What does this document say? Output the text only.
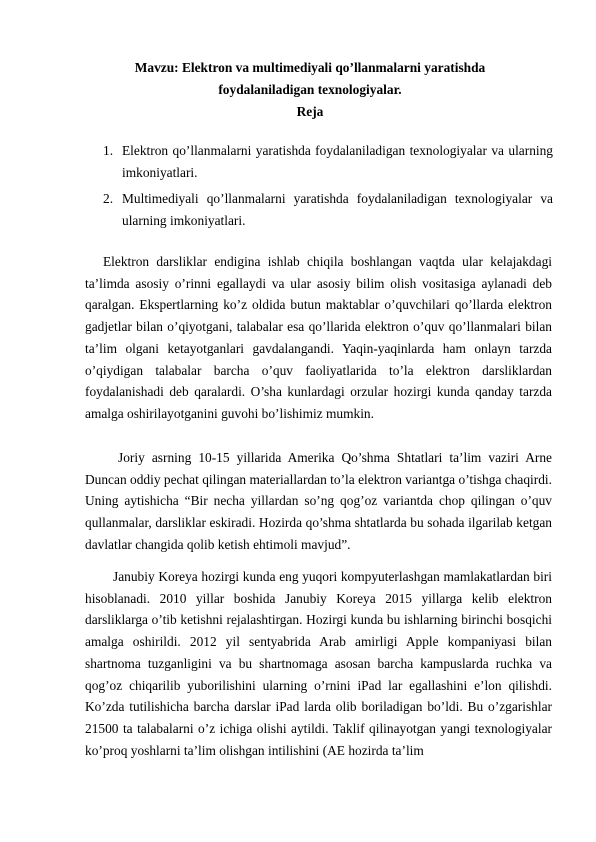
Mavzu: Elektron va multimediyali qo’llanmalarni yaratishda
foydalaniladigan texnologiyalar.
Reja
1. Elektron qo’llanmalarni yaratishda foydalaniladigan texnologiyalar va ularning imkoniyatlari.
2. Multimediyali qo’llanmalarni yaratishda foydalaniladigan texnologiyalar va ularning imkoniyatlari.

Elektron darsliklar endigina ishlab chiqila boshlangan vaqtda ular kelajakdagi ta’limda asosiy o’rinni egallaydi va ular asosiy bilim olish vositasiga aylanadi deb qaralgan. Ekspertlarning ko’z oldida butun maktablar o’quvchilari qo’llarda elektron gadjetlar bilan o’qiyotgani, talabalar esa qo’llarida elektron o’quv qo’llanmalari bilan ta’lim olgani ketayotganlari gavdalangandi. Yaqin-yaqinlarda ham onlayn tarzda o’qiydigan talabalar barcha o’quv faoliyatlarida to’la elektron darsliklardan foydalanishadi deb qaralardi. O’sha kunlardagi orzular hozirgi kunda qanday tarzda amalga oshirilayotganini guvohi bo’lishimiz mumkin.

Joriy asrning 10-15 yillarida Amerika Qo’shma Shtatlari ta’lim vaziri Arne Duncan oddiy pechat qilingan materiallardan to’la elektron variantga o’tishga chaqirdi. Uning aytishicha “Bir necha yillardan so’ng qog’oz variantda chop qilingan o’quv qullanmalar, darsliklar eskiradi. Hozirda qo’shma shtatlarda bu sohada ilgarilab ketgan davlatlar changida qolib ketish ehtimoli mavjud”.

Janubiy Koreya hozirgi kunda eng yuqori kompyuterlashgan mamlakatlardan biri hisoblanadi. 2010 yillar boshida Janubiy Koreya 2015 yillarga kelib elektron darsliklarga o’tib ketishni rejalashtirgan. Hozirgi kunda bu ishlarning birinchi bosqichi amalga oshirildi. 2012 yil sentyabrida Arab amirligi Apple kompaniyasi bilan shartnoma tuzganligini va bu shartnomaga asosan barcha kampuslarda ruchka va qog’oz chiqarilib yuborilishini ularning o’rnini iPad lar egallashini e’lon qilishdi. Ko’zda tutilishicha barcha darslar iPad larda olib boriladigan bo’ldi. Bu o’zgarishlar 21500 ta talabalarni o’z ichiga olishi aytildi. Taklif qilinayotgan yangi texnologiyalar ko’proq yoshlarni ta’lim olishgan intilishini (AE hozirda ta’lim
